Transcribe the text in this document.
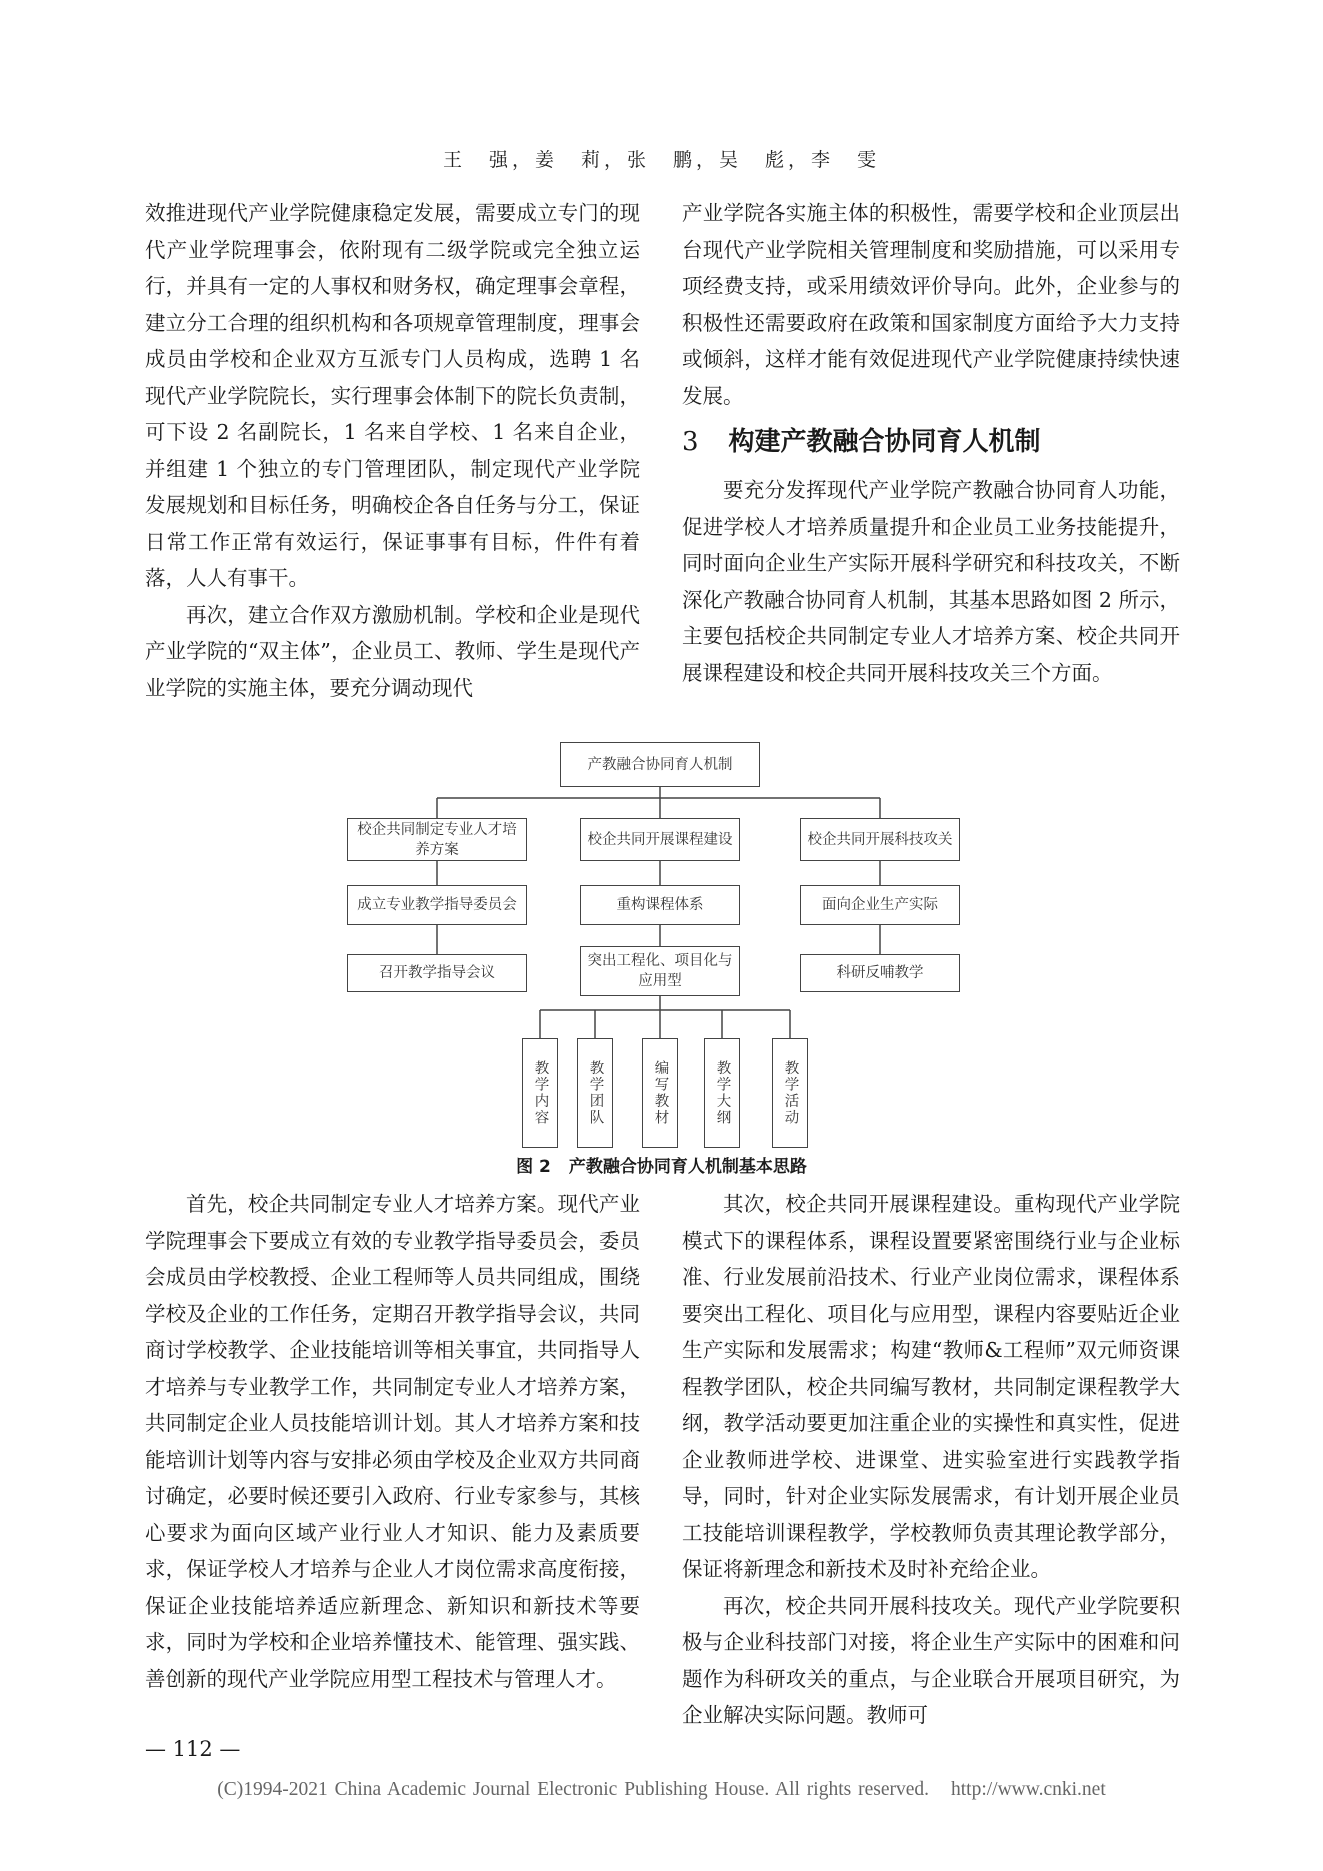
王　强，姜　莉，张　鹏，吴　彪，李　雯

效推进现代产业学院健康稳定发展，需要成立专门的现代产业学院理事会，依附现有二级学院或完全独立运行，并具有一定的人事权和财务权，确定理事会章程，建立分工合理的组织机构和各项规章管理制度，理事会成员由学校和企业双方互派专门人员构成，选聘 1 名现代产业学院院长，实行理事会体制下的院长负责制，可下设 2 名副院长，1 名来自学校、1 名来自企业，并组建 1 个独立的专门管理团队，制定现代产业学院发展规划和目标任务，明确校企各自任务与分工，保证日常工作正常有效运行，保证事事有目标，件件有着落，人人有事干。

再次，建立合作双方激励机制。学校和企业是现代产业学院的“双主体”，企业员工、教师、学生是现代产业学院的实施主体，要充分调动现代

产业学院各实施主体的积极性，需要学校和企业顶层出台现代产业学院相关管理制度和奖励措施，可以采用专项经费支持，或采用绩效评价导向。此外，企业参与的积极性还需要政府在政策和国家制度方面给予大力支持或倾斜，这样才能有效促进现代产业学院健康持续快速发展。

3 构建产教融合协同育人机制

要充分发挥现代产业学院产教融合协同育人功能，促进学校人才培养质量提升和企业员工业务技能提升，同时面向企业生产实际开展科学研究和科技攻关，不断深化产教融合协同育人机制，其基本思路如图 2 所示，主要包括校企共同制定专业人才培养方案、校企共同开展课程建设和校企共同开展科技攻关三个方面。

产教融合协同育人机制
校企共同制定专业人才培养方案
校企共同开展课程建设	校企共同开展科技攻关
成立专业教学指导委员会	重构课程体系	面向企业生产实际
召开教学指导会议
突出工程化、项目化与应用型	科研反哺教学
教学内容	教学团队	编写教材	教学大纲	教学活动
图 2 产教融合协同育人机制基本思路

首先，校企共同制定专业人才培养方案。现代产业学院理事会下要成立有效的专业教学指导委员会，委员会成员由学校教授、企业工程师等人员共同组成，围绕学校及企业的工作任务，定期召开教学指导会议，共同商讨学校教学、企业技能培训等相关事宜，共同指导人才培养与专业教学工作，共同制定专业人才培养方案，共同制定企业人员技能培训计划。其人才培养方案和技能培训计划等内容与安排必须由学校及企业双方共同商讨确定，必要时候还要引入政府、行业专家参与，其核心要求为面向区域产业行业人才知识、能力及素质要求，保证学校人才培养与企业人才岗位需求高度衔接，保证企业技能培养适应新理念、新知识和新技术等要求，同时为学校和企业培养懂技术、能管理、强实践、善创新的现代产业学院应用型工程技术与管理人才。

其次，校企共同开展课程建设。重构现代产业学院模式下的课程体系，课程设置要紧密围绕行业与企业标准、行业发展前沿技术、行业产业岗位需求，课程体系要突出工程化、项目化与应用型，课程内容要贴近企业生产实际和发展需求；构建“教师&工程师”双元师资课程教学团队，校企共同编写教材，共同制定课程教学大纲，教学活动要更加注重企业的实操性和真实性，促进企业教师进学校、进课堂、进实验室进行实践教学指导，同时，针对企业实际发展需求，有计划开展企业员工技能培训课程教学，学校教师负责其理论教学部分，保证将新理念和新技术及时补充给企业。

再次，校企共同开展科技攻关。现代产业学院要积极与企业科技部门对接，将企业生产实际中的困难和问题作为科研攻关的重点，与企业联合开展项目研究，为企业解决实际问题。教师可

— 112 —
(C)1994-2021 China Academic Journal Electronic Publishing House. All rights reserved. http://www.cnki.net
